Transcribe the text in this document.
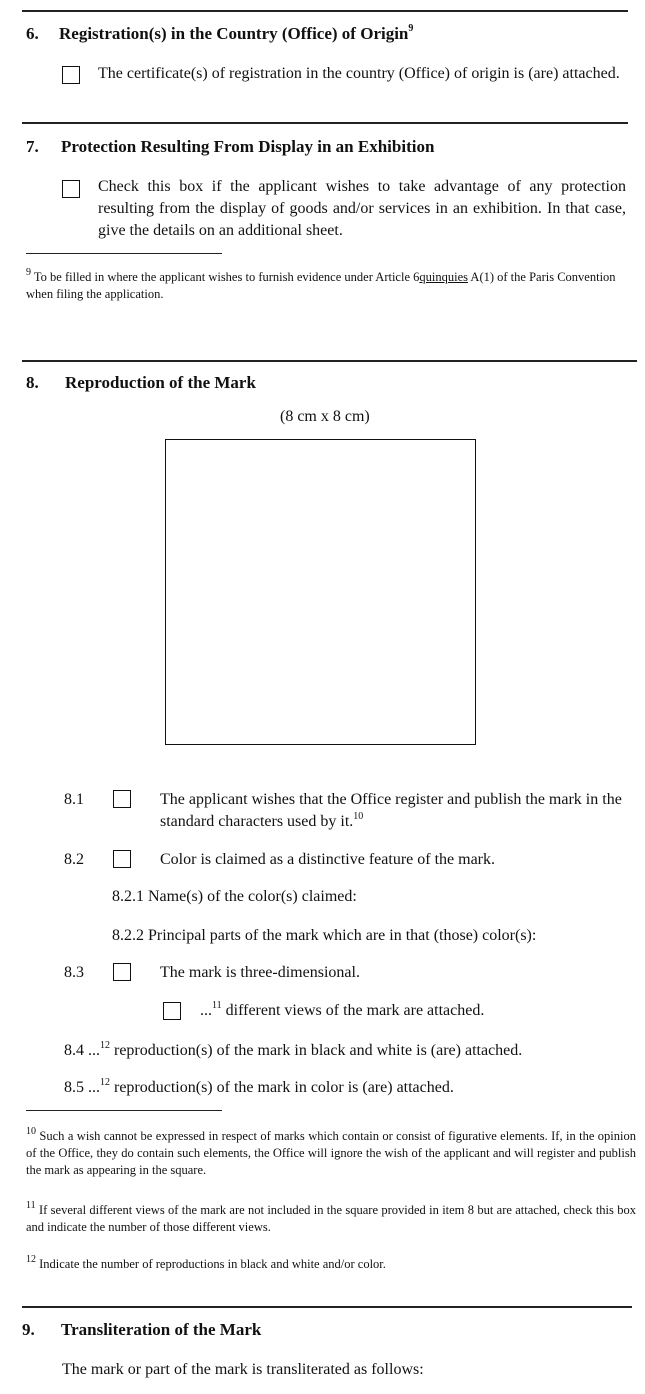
6. Registration(s) in the Country (Office) of Origin$^9$
The certificate(s) of registration in the country (Office) of origin is (are) attached.
7. Protection Resulting From Display in an Exhibition
Check this box if the applicant wishes to take advantage of any protection resulting from the display of goods and/or services in an exhibition. In that case, give the details on an additional sheet.
$^9$ To be filled in where the applicant wishes to furnish evidence under Article 6quinquies A(1) of the Paris Convention when filing the application.
8. Reproduction of the Mark
(8 cm x 8 cm)
8.1	The applicant wishes that the Office register and publish the mark in the standard characters used by it.$^{10}$
8.2	Color is claimed as a distinctive feature of the mark.
8.2.1 Name(s) of the color(s) claimed:
8.2.2 Principal parts of the mark which are in that (those) color(s):
8.3	The mark is three-dimensional.
...$^{11}$ different views of the mark are attached.
8.4 ...$^{12}$ reproduction(s) of the mark in black and white is (are) attached.
8.5 ...$^{12}$ reproduction(s) of the mark in color is (are) attached.
$^{10}$ Such a wish cannot be expressed in respect of marks which contain or consist of figurative elements. If, in the opinion of the Office, they do contain such elements, the Office will ignore the wish of the applicant and will register and publish the mark as appearing in the square.
$^{11}$ If several different views of the mark are not included in the square provided in item 8 but are attached, check this box and indicate the number of those different views.
$^{12}$ Indicate the number of reproductions in black and white and/or color.
9. Transliteration of the Mark
The mark or part of the mark is transliterated as follows:
